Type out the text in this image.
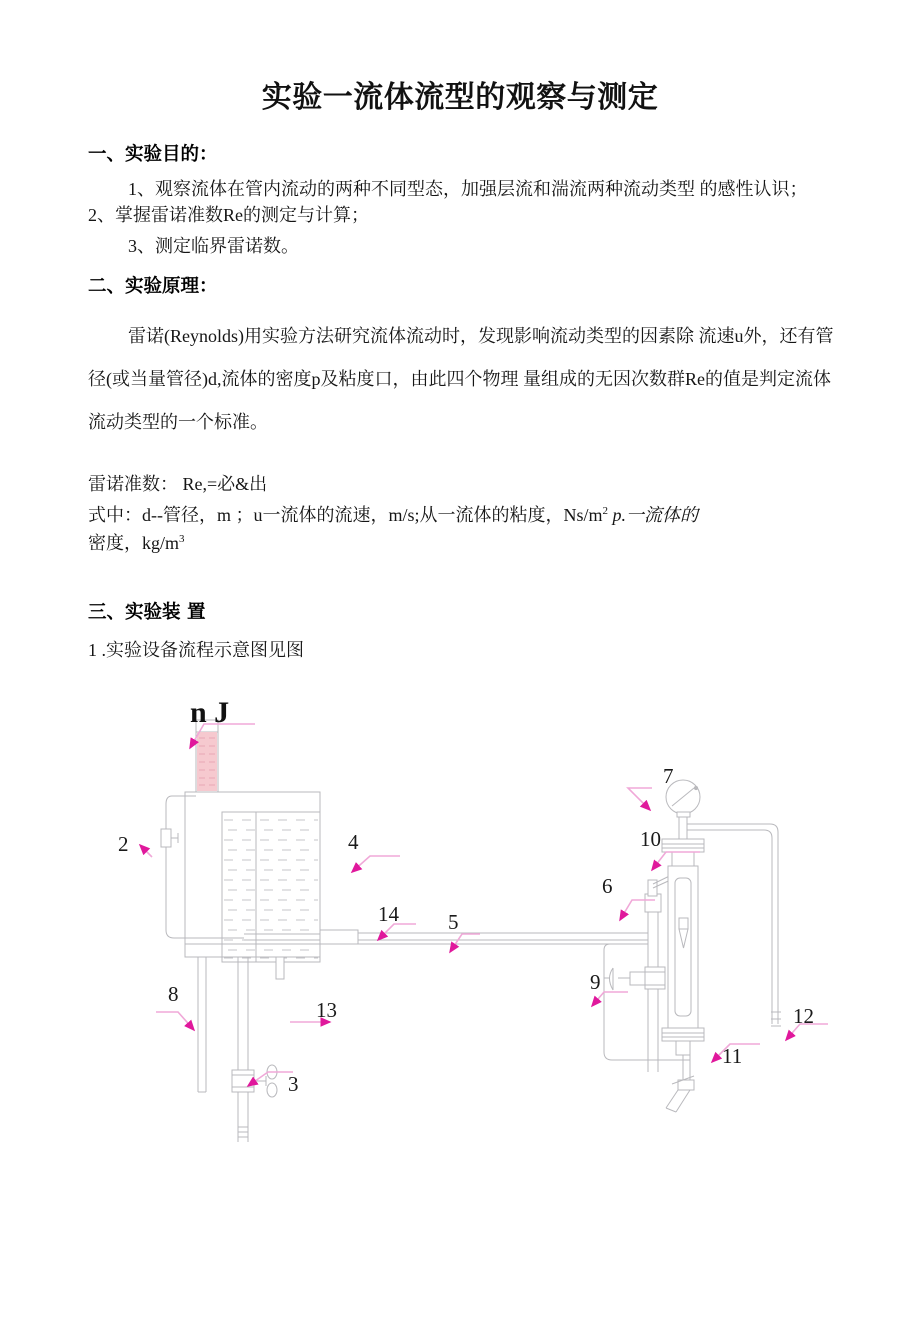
实验一流体流型的观察与测定
一、实验目的：
1、观察流体在管内流动的两种不同型态，加强层流和湍流两种流动类型 的感性认识；2、掌握雷诺准数Re的测定与计算；
3、测定临界雷诺数。
二、实验原理：
雷诺(Reynolds)用实验方法研究流体流动时，发现影响流动类型的因素除 流速u外，还有管径(或当量管径)d,流体的密度p及粘度口，由此四个物理 量组成的无因次数群Re的值是判定流体流动类型的一个标准。
雷诺准数： Re,=必&出
式中：d--管径，m ；u一流体的流速，m/s;从一流体的粘度，$Ns/m^2$ p.一流体的
密度，$kg/m^3$
三、实验装 置
1 .实验设备流程示意图见图
n J
2
3
4
5
6
7
8	9
10
11
12
13
14
